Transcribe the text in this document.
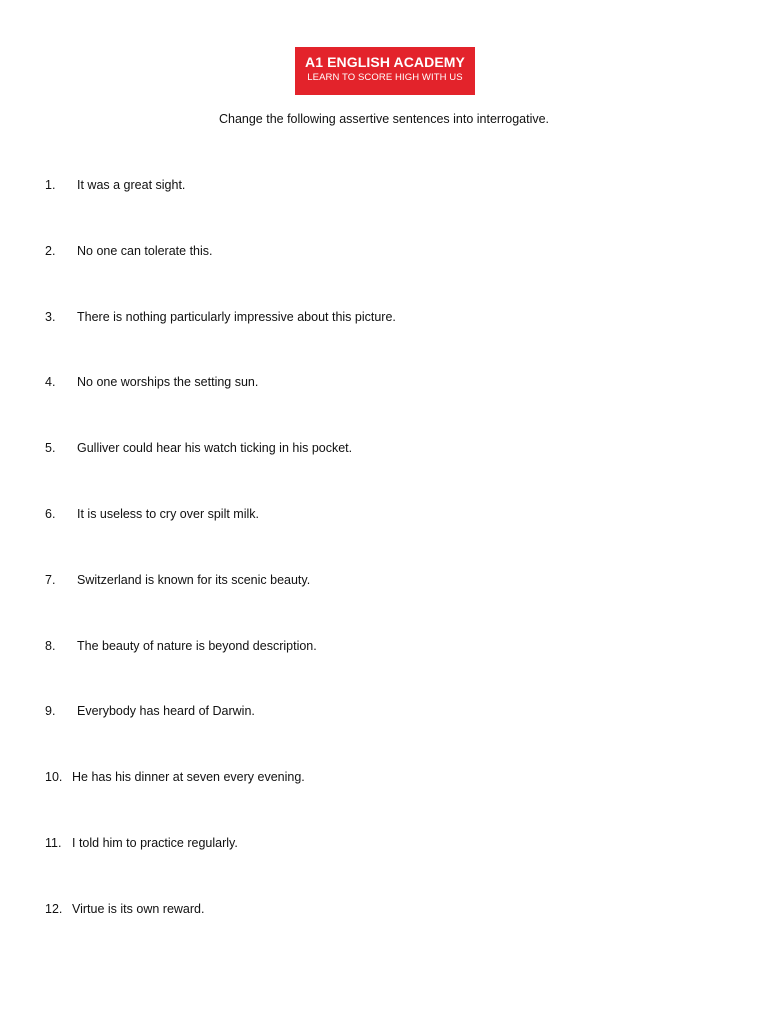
A1 ENGLISH ACADEMY
LEARN TO SCORE HIGH WITH US
Change the following assertive sentences into interrogative.
1. It was a great sight.
2. No one can tolerate this.
3. There is nothing particularly impressive about this picture.
4. No one worships the setting sun.
5. Gulliver could hear his watch ticking in his pocket.
6. It is useless to cry over spilt milk.
7. Switzerland is known for its scenic beauty.
8. The beauty of nature is beyond description.
9. Everybody has heard of Darwin.
10. He has his dinner at seven every evening.
11. I told him to practice regularly.
12. Virtue is its own reward.
